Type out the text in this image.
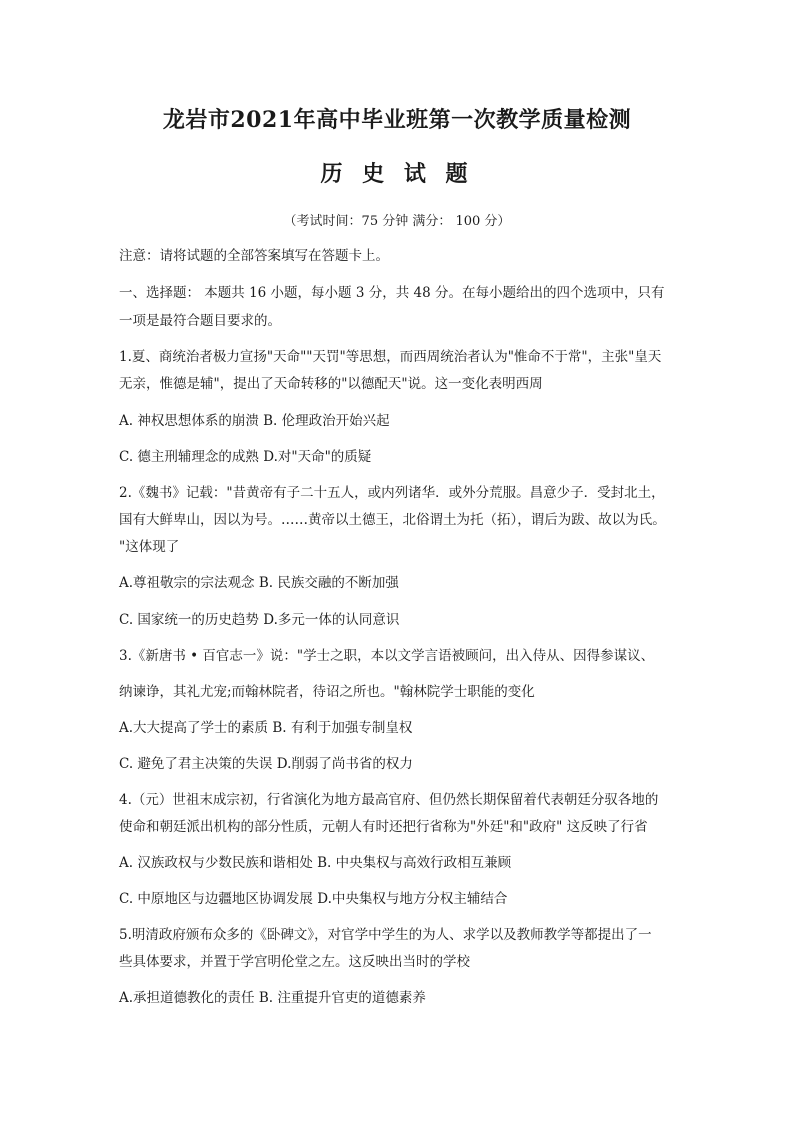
龙岩市2021年高中毕业班第一次教学质量检测
历 史 试 题
（考试时间：75 分钟 满分： 100 分）
注意：请将试题的全部答案填写在答题卡上。
一、选择题： 本题共 16 小题，每小题 3 分，共 48 分。在每小题给出的四个选项中，只有
一项是最符合题目要求的。
1.夏、商统治者极力宣扬"天命""天罚"等思想，而西周统治者认为"惟命不于常"，主张"皇天
无亲，惟德是辅"，提出了天命转移的"以德配天"说。这一变化表明西周
A. 神权思想体系的崩溃 B. 伦理政治开始兴起
C. 德主刑辅理念的成熟 D.对"天命"的质疑
2.《魏书》记载："昔黄帝有子二十五人，或内列诸华．或外分荒服。昌意少子．受封北土，
国有大鲜卑山，因以为号。……黄帝以土德王，北俗谓土为托（拓），谓后为跋、故以为氏。
"这体现了
A.尊祖敬宗的宗法观念 B. 民族交融的不断加强
C. 国家统一的历史趋势 D.多元一体的认同意识
3.《新唐书 • 百官志一》说："学士之职，本以文学言语被顾问，出入侍从、因得参谋议、
纳谏诤，其礼尤宠;而翰林院者，待诏之所也。"翰林院学士职能的变化
A.大大提高了学士的素质 B. 有利于加强专制皇权
C. 避免了君主决策的失误 D.削弱了尚书省的权力
4.（元）世祖末成宗初，行省演化为地方最高官府、但仍然长期保留着代表朝廷分驭各地的
使命和朝廷派出机构的部分性质，元朝人有时还把行省称为"外廷"和"政府" 这反映了行省
A. 汉族政权与少数民族和谐相处 B. 中央集权与高效行政相互兼顾
C. 中原地区与边疆地区协调发展 D.中央集权与地方分权主辅结合
5.明清政府颁布众多的《卧碑文》，对官学中学生的为人、求学以及教师教学等都提出了一
些具体要求，并置于学宫明伦堂之左。这反映出当时的学校
A.承担道德教化的责任 B. 注重提升官吏的道德素养
